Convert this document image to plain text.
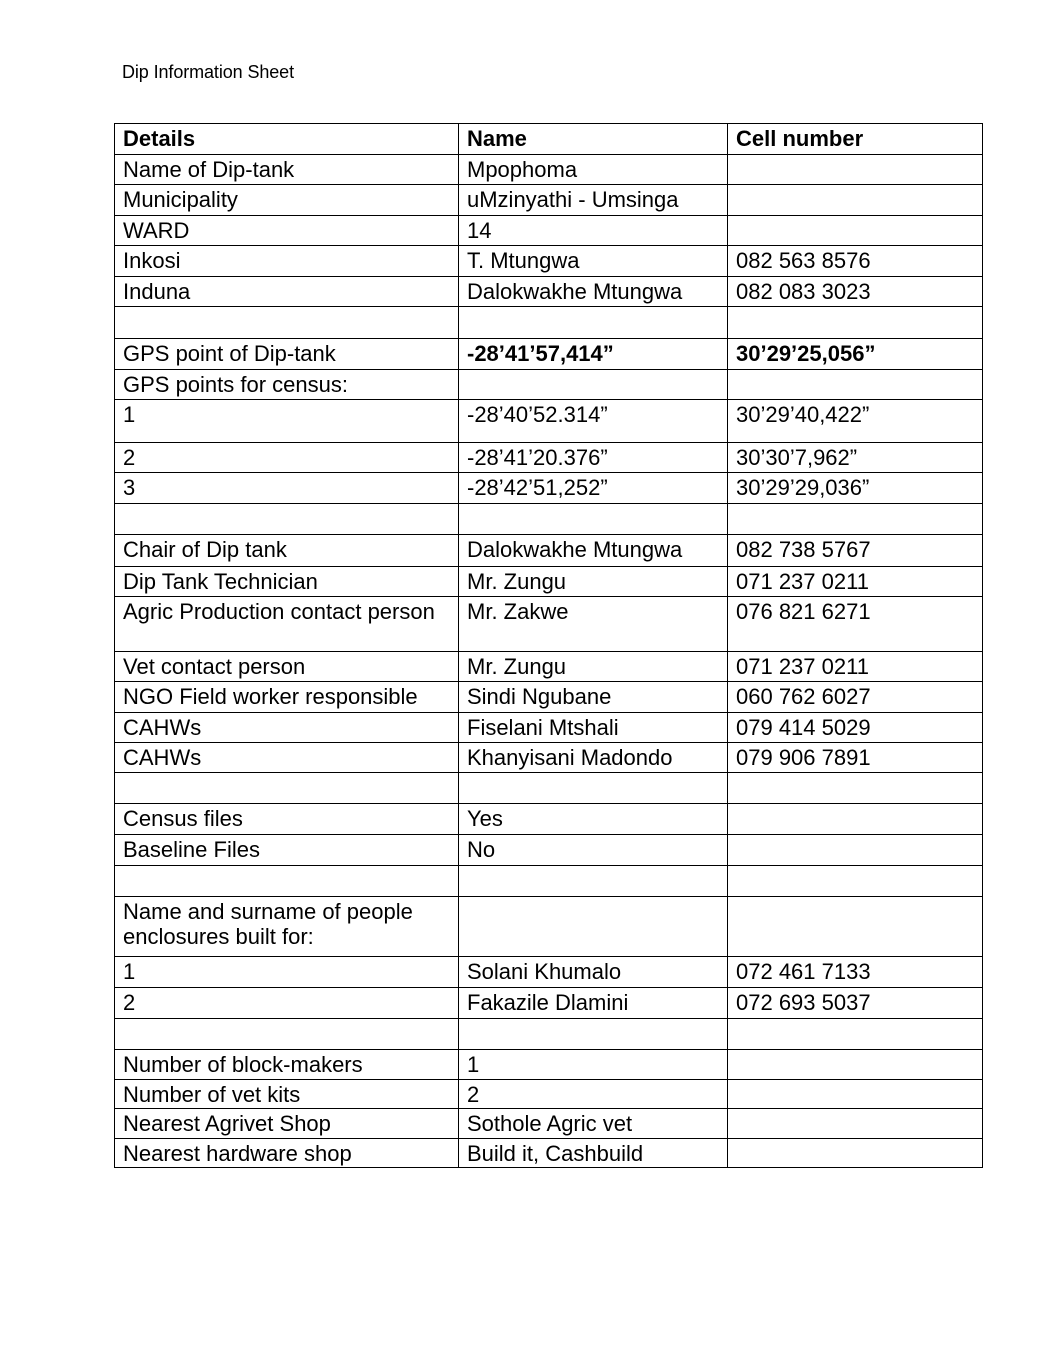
Dip Information Sheet
Details	Name	Cell number
Name of Dip-tank	Mpophoma	
Municipality	uMzinyathi - Umsinga	
WARD	14	
Inkosi	T. Mtungwa	082 563 8576
Induna	Dalokwakhe Mtungwa	082 083 3023

GPS point of Dip-tank	-28’41’57,414”	30’29’25,056”
GPS points for census:		
1	-28’40’52.314”	30’29’40,422”
2	-28’41’20.376”	30’30’7,962”
3	-28’42’51,252”	30’29’29,036”

Chair of Dip tank	Dalokwakhe Mtungwa	082 738 5767
Dip Tank Technician	Mr. Zungu	071 237 0211
Agric Production contact person	Mr. Zakwe	076 821 6271
Vet contact person	Mr. Zungu	071 237 0211
NGO Field worker responsible	Sindi Ngubane	060 762 6027
CAHWs	Fiselani Mtshali	079 414 5029
CAHWs	Khanyisani Madondo	079 906 7891

Census files	Yes	
Baseline Files	No	

Name and surname of people enclosures built for:		
1	Solani Khumalo	072 461 7133
2	Fakazile Dlamini	072 693 5037

Number of block-makers	1	
Number of vet kits	2	
Nearest Agrivet Shop	Sothole Agric vet	
Nearest hardware shop	Build it, Cashbuild	
